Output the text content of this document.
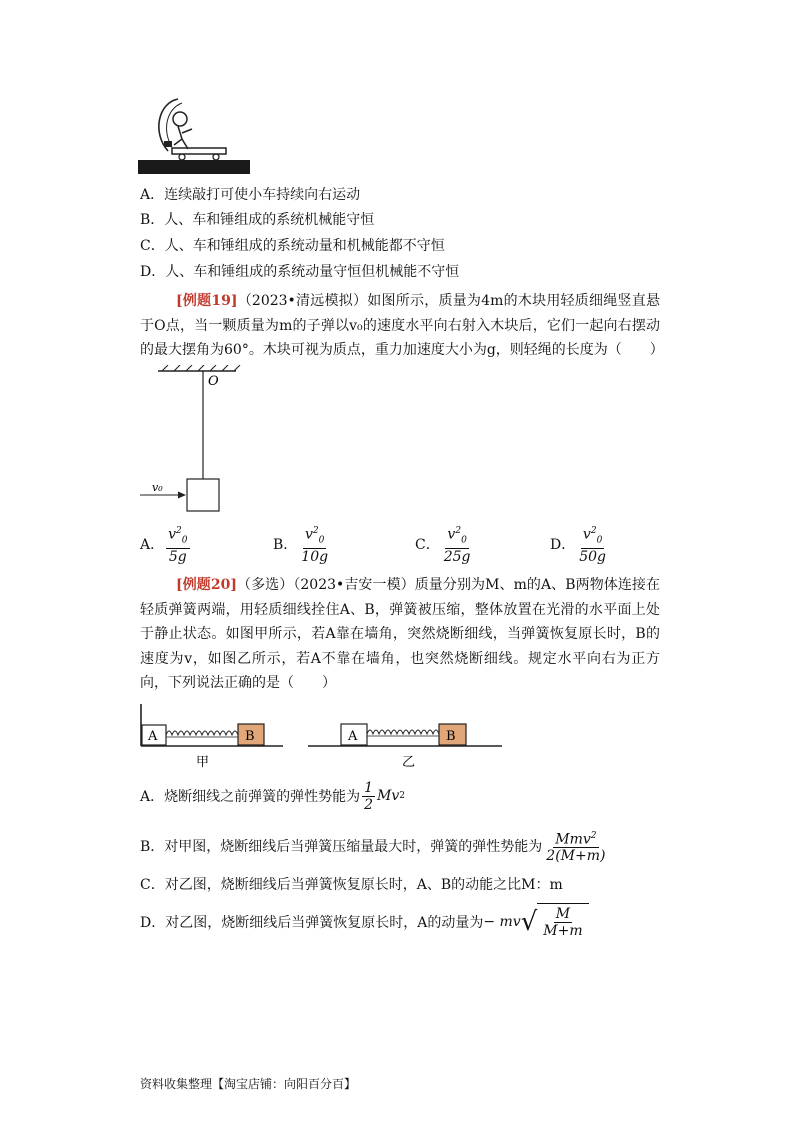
A．连续敲打可使小车持续向右运动
B．人、车和锤组成的系统机械能守恒
C．人、车和锤组成的系统动量和机械能都不守恒
D．人、车和锤组成的系统动量守恒但机械能不守恒
[例题19]（2023•清远模拟）如图所示，质量为4m的木块用轻质细绳竖直悬于O点，当一颗质量为m的子弹以v₀的速度水平向右射入木块后，它们一起向右摆动的最大摆角为60°。木块可视为质点，重力加速度大小为g，则轻绳的长度为（　　）
O
v₀
A． $\frac{v^2_0}{5g}$	B． $\frac{v^2_0}{10g}$	C． $\frac{v^2_0}{25g}$	D． $\frac{v^2_0}{50g}$
[例题20]（多选）（2023•吉安一模）质量分别为M、m的A、B两物体连接在轻质弹簧两端，用轻质细线拴住A、B，弹簧被压缩，整体放置在光滑的水平面上处于静止状态。如图甲所示，若A靠在墙角，突然烧断细线，当弹簧恢复原长时，B的速度为v，如图乙所示，若A不靠在墙角，也突然烧断细线。规定水平向右为正方向，下列说法正确的是（　　）
A	B
甲
A	B
乙
A．烧断细线之前弹簧的弹性势能为 $\frac{1}{2}$ Mv 2
B．对甲图，烧断细线后当弹簧压缩量最大时，弹簧的弹性势能为 $\frac{Mmv^2}{2(M+m)}$
C．对乙图，烧断细线后当弹簧恢复原长时，A、B的动能之比M：m
D．对乙图，烧断细线后当弹簧恢复原长时，A的动量为 − mv √ $\frac{M}{M+m}$
资料收集整理【淘宝店铺：向阳百分百】
